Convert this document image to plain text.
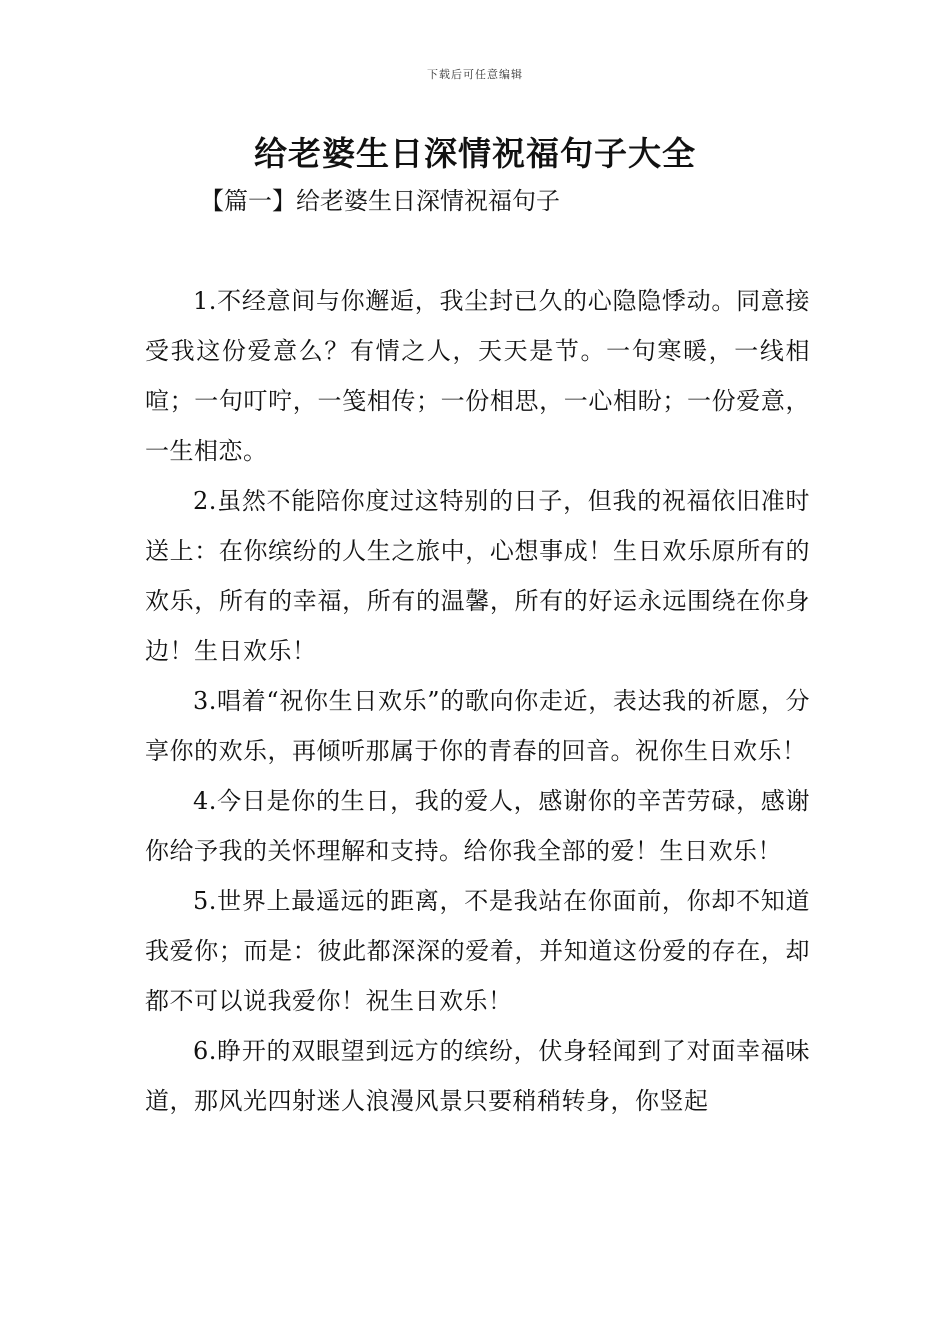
下载后可任意编辑
给老婆生日深情祝福句子大全
【篇一】给老婆生日深情祝福句子

1.不经意间与你邂逅，我尘封已久的心隐隐悸动。同意接受我这份爱意么？有情之人，天天是节。一句寒暖，一线相喧；一句叮咛，一笺相传；一份相思，一心相盼；一份爱意，一生相恋。

2.虽然不能陪你度过这特别的日子，但我的祝福依旧准时送上：在你缤纷的人生之旅中，心想事成！生日欢乐原所有的欢乐，所有的幸福，所有的温馨，所有的好运永远围绕在你身边！生日欢乐！

3.唱着“祝你生日欢乐”的歌向你走近，表达我的祈愿，分享你的欢乐，再倾听那属于你的青春的回音。祝你生日欢乐！

4.今日是你的生日，我的爱人，感谢你的辛苦劳碌，感谢你给予我的关怀理解和支持。给你我全部的爱！生日欢乐！

5.世界上最遥远的距离，不是我站在你面前，你却不知道我爱你；而是：彼此都深深的爱着，并知道这份爱的存在，却都不可以说我爱你！祝生日欢乐！

6.睁开的双眼望到远方的缤纷，伏身轻闻到了对面幸福味道，那风光四射迷人浪漫风景只要稍稍转身，你竖起
